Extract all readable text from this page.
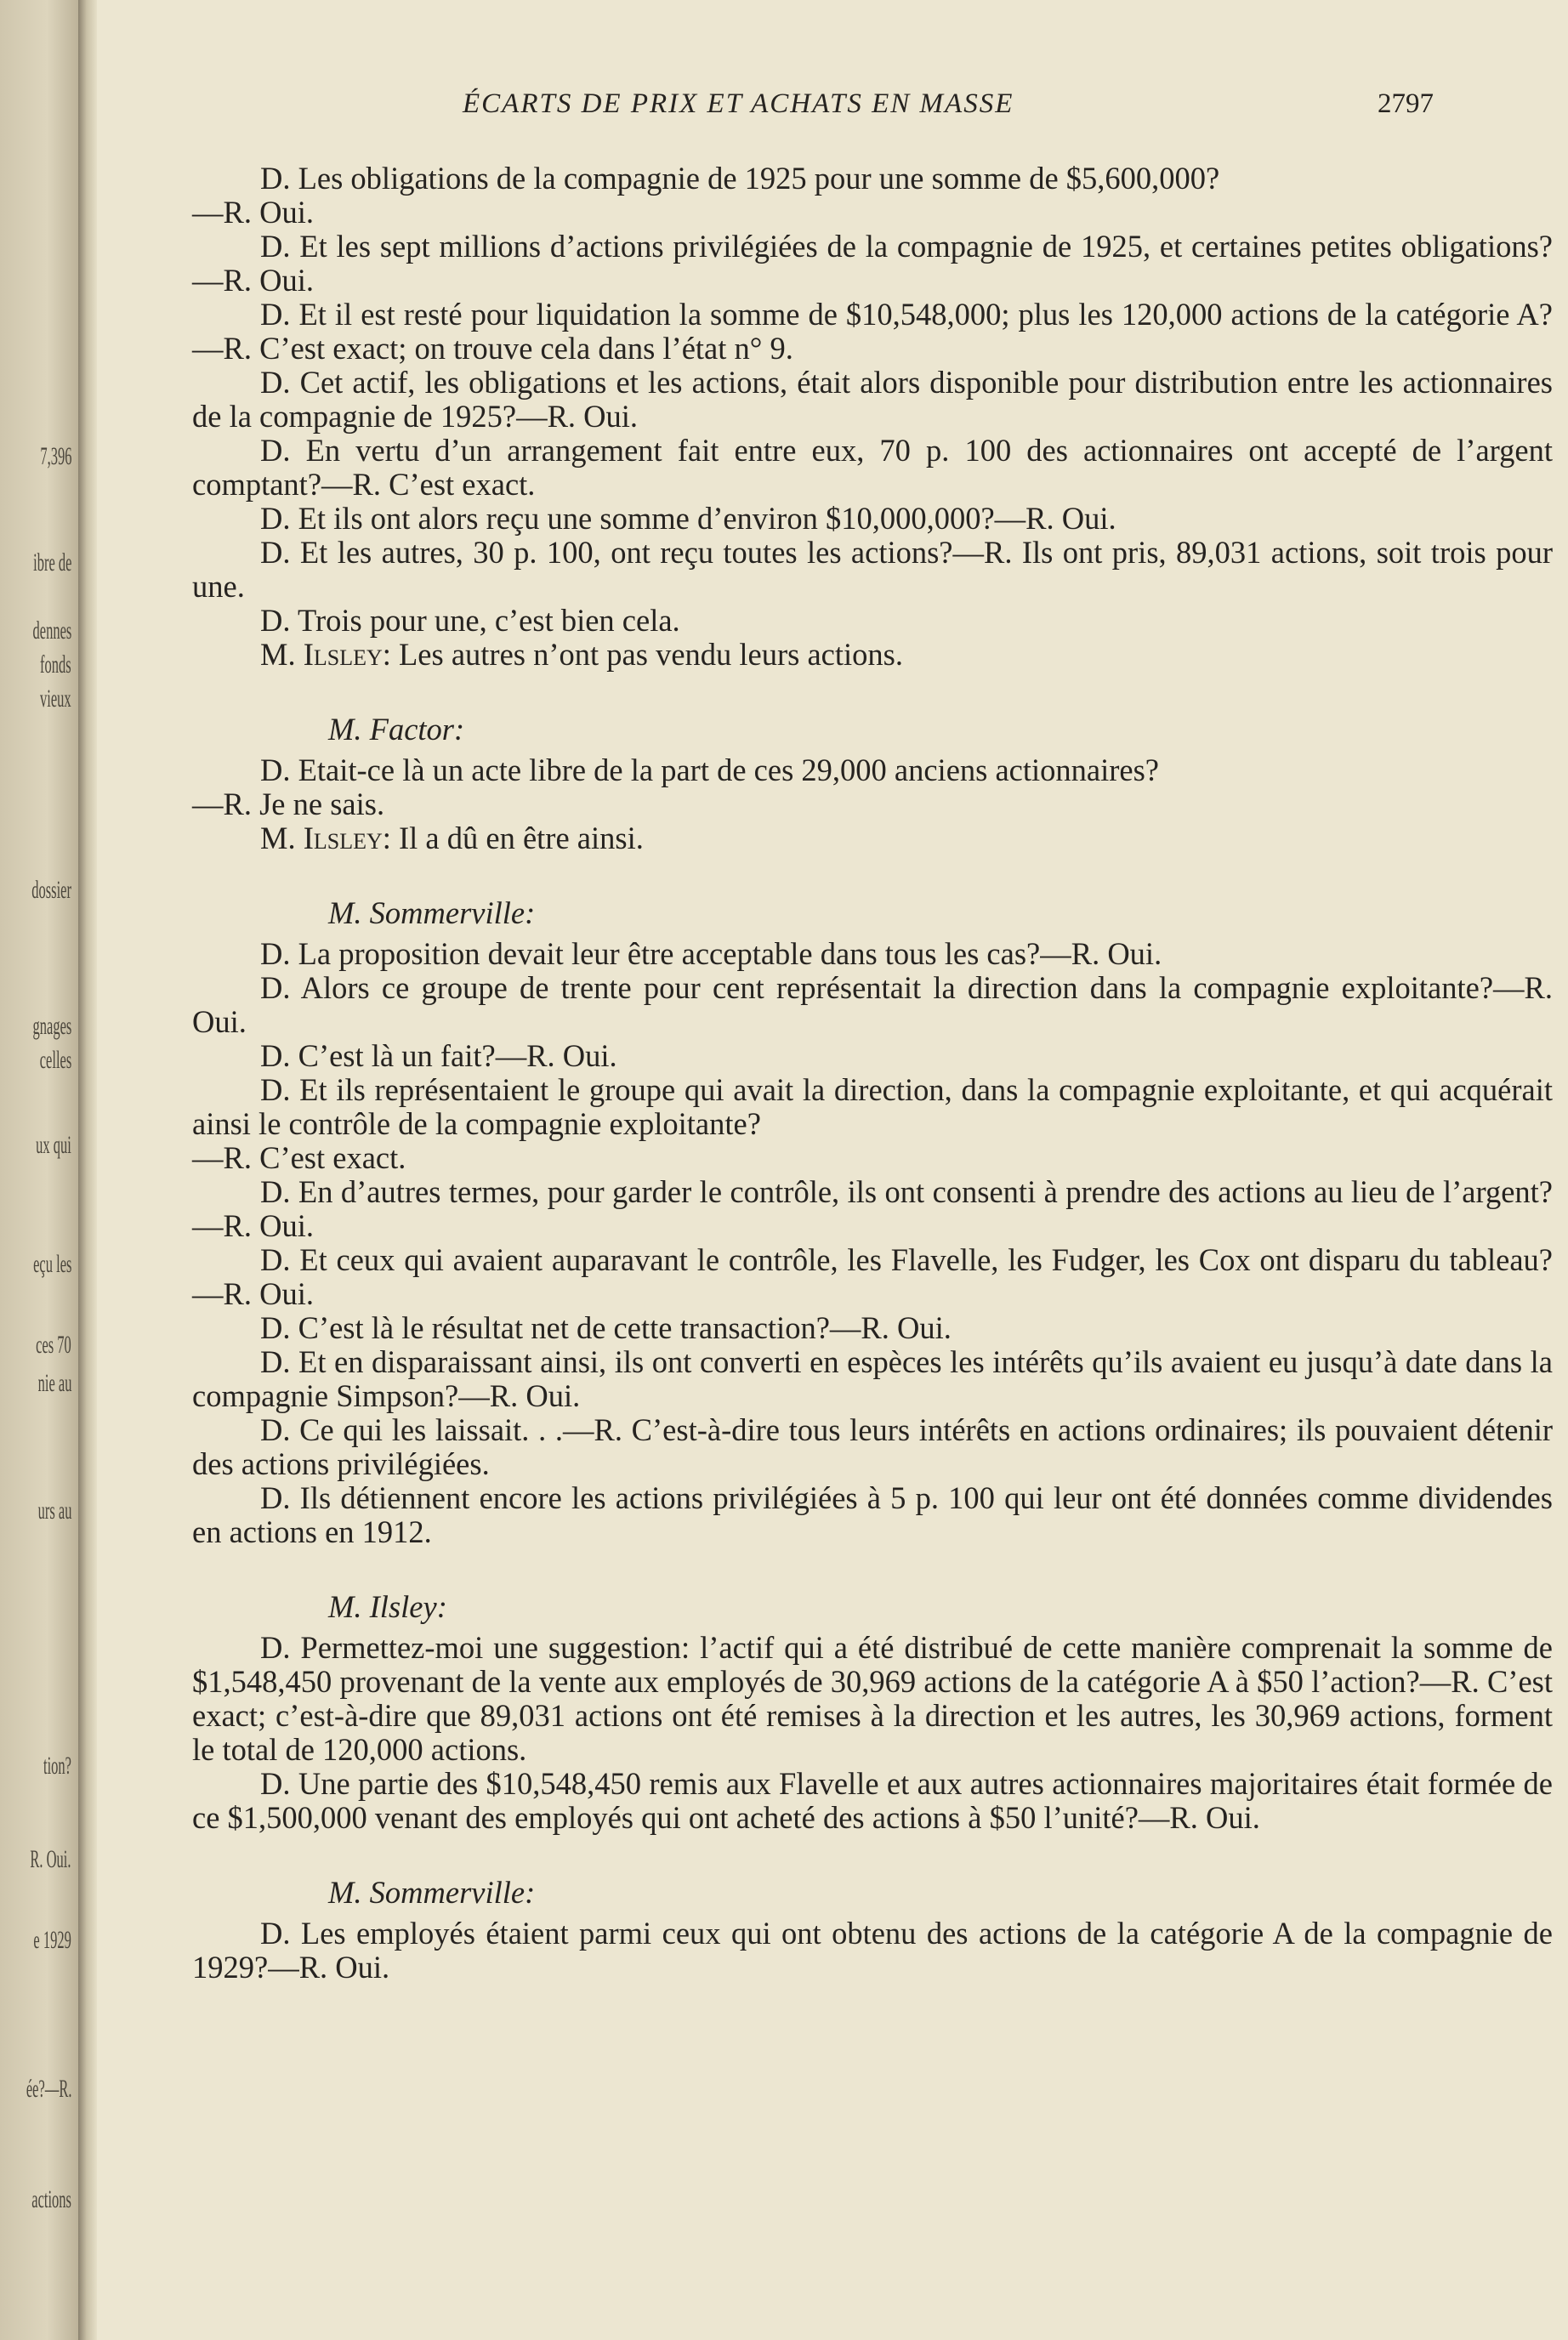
7,396
ibre de
dennes
fonds
vieux
dossier
gnages
celles
ux qui
eçu les
ces 70
nie au
urs au
tion?
R. Oui.
e 1929
ée?—R.
actions
ÉCARTS DE PRIX ET ACHATS EN MASSE	2797

D. Les obligations de la compagnie de 1925 pour une somme de $5,600,000?

—R. Oui.

D. Et les sept millions d’actions privilégiées de la compagnie de 1925, et certaines petites obligations?—R. Oui.

D. Et il est resté pour liquidation la somme de $10,548,000; plus les 120,000 actions de la catégorie A?—R. C’est exact; on trouve cela dans l’état n° 9.

D. Cet actif, les obligations et les actions, était alors disponible pour distribution entre les actionnaires de la compagnie de 1925?—R. Oui.

D. En vertu d’un arrangement fait entre eux, 70 p. 100 des actionnaires ont accepté de l’argent comptant?—R. C’est exact.

D. Et ils ont alors reçu une somme d’environ $10,000,000?—R. Oui.

D. Et les autres, 30 p. 100, ont reçu toutes les actions?—R. Ils ont pris, 89,031 actions, soit trois pour une.

D. Trois pour une, c’est bien cela.

M. Ilsley: Les autres n’ont pas vendu leurs actions.

M. Factor:

D. Etait-ce là un acte libre de la part de ces 29,000 anciens actionnaires?

—R. Je ne sais.

M. Ilsley: Il a dû en être ainsi.

M. Sommerville:

D. La proposition devait leur être acceptable dans tous les cas?—R. Oui.

D. Alors ce groupe de trente pour cent représentait la direction dans la compagnie exploitante?—R. Oui.

D. C’est là un fait?—R. Oui.

D. Et ils représentaient le groupe qui avait la direction, dans la compagnie exploitante, et qui acquérait ainsi le contrôle de la compagnie exploitante?

—R. C’est exact.

D. En d’autres termes, pour garder le contrôle, ils ont consenti à prendre des actions au lieu de l’argent?—R. Oui.

D. Et ceux qui avaient auparavant le contrôle, les Flavelle, les Fudger, les Cox ont disparu du tableau?—R. Oui.

D. C’est là le résultat net de cette transaction?—R. Oui.

D. Et en disparaissant ainsi, ils ont converti en espèces les intérêts qu’ils avaient eu jusqu’à date dans la compagnie Simpson?—R. Oui.

D. Ce qui les laissait. . .—R. C’est-à-dire tous leurs intérêts en actions ordinaires; ils pouvaient détenir des actions privilégiées.

D. Ils détiennent encore les actions privilégiées à 5 p. 100 qui leur ont été données comme dividendes en actions en 1912.

M. Ilsley:

D. Permettez-moi une suggestion: l’actif qui a été distribué de cette manière comprenait la somme de $1,548,450 provenant de la vente aux employés de 30,969 actions de la catégorie A à $50 l’action?—R. C’est exact; c’est-à-dire que 89,031 actions ont été remises à la direction et les autres, les 30,969 actions, forment le total de 120,000 actions.

D. Une partie des $10,548,450 remis aux Flavelle et aux autres actionnaires majoritaires était formée de ce $1,500,000 venant des employés qui ont acheté des actions à $50 l’unité?—R. Oui.

M. Sommerville:

D. Les employés étaient parmi ceux qui ont obtenu des actions de la catégorie A de la compagnie de 1929?—R. Oui.
